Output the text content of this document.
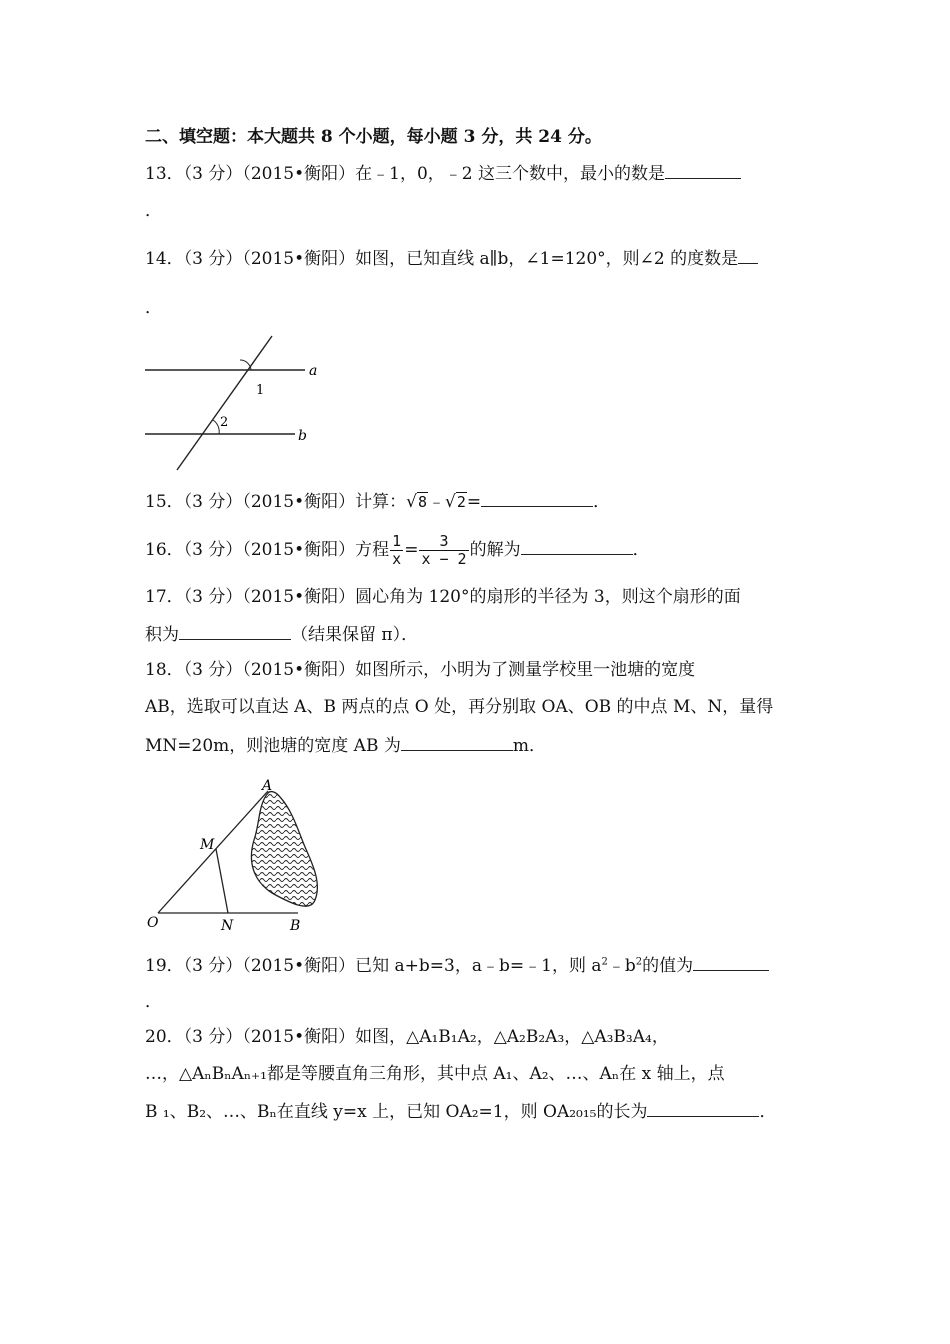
二、填空题：本大题共 8 个小题，每小题 3 分，共 24 分。
13．（3 分）（2015•衡阳）在﹣1，0，﹣2 这三个数中，最小的数是
．
14．（3 分）（2015•衡阳）如图，已知直线 a∥b，∠1=120°，则∠2 的度数是
．
1
2
a
b
15．（3 分）（2015•衡阳）计算：√8﹣√2=	．
16．（3 分）（2015•衡阳）方程 $\frac{1}{x} = \frac{3}{x - 2}$ 的解为	．
17．（3 分）（2015•衡阳）圆心角为 120°的扇形的半径为 3，则这个扇形的面
积为	（结果保留 π）．
18．（3 分）（2015•衡阳）如图所示，小明为了测量学校里一池塘的宽度
AB，选取可以直达 A、B 两点的点 O 处，再分别取 OA、OB 的中点 M、N，量得
MN=20m，则池塘的宽度 AB 为	m．
A
M
O	N	B
19．（3 分）（2015•衡阳）已知 a+b=3，a﹣b=﹣1，则 $a^2﹣b^2$的值为
．
20．（3 分）（2015•衡阳）如图，△A₁B₁A₂，△A₂B₂A₃，△A₃B₃A₄，
…，△AₙBₙAₙ₊₁都是等腰直角三角形，其中点 A₁、A₂、…、Aₙ在 x 轴上，点
B ₁、B₂、…、Bₙ在直线 y=x 上，已知 OA₂=1，则 OA₂₀₁₅的长为	．
